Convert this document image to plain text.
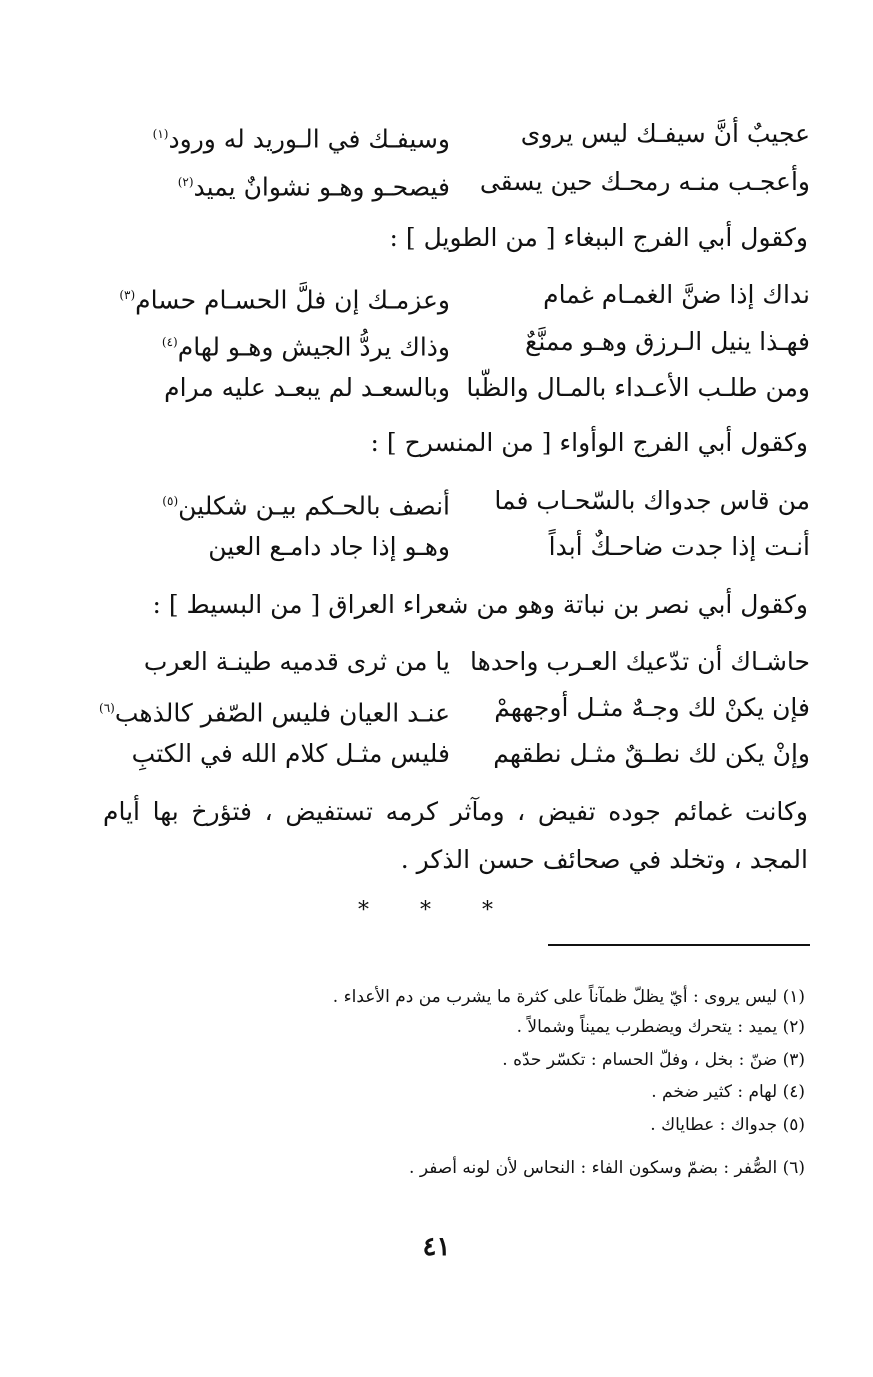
عجيبٌ أنَّ سيفـك ليس يروى
وسيفـك في الـوريد له ورود$^{(١)}$
وأعجـب منـه رمحـك حين يسقى
فيصحـو وهـو نشوانٌ يميد$^{(٢)}$
وكقول أبي الفرج الببغاء [ من الطويل ] :
نداك إذا ضنَّ الغمـام غمام
وعزمـك إن فلَّ الحسـام حسام$^{(٣)}$
فهـذا ينيل الـرزق وهـو ممنَّعٌ
وذاك يردُّ الجيش وهـو لهام$^{(٤)}$
ومن طلـب الأعـداء بالمـال والظّبا
وبالسعـد لم يبعـد عليه مرام
وكقول أبي الفرج الوأواء [ من المنسرح ] :
من قاس جدواك بالسّحـاب فما
أنصف بالحـكم بيـن شكلين$^{(٥)}$
أنـت إذا جدت ضاحـكٌ أبداً
وهـو إذا جاد دامـع العين
وكقول أبي نصر بن نباتة وهو من شعراء العراق [ من البسيط ] :
حاشـاك أن تدّعيك العـرب واحدها
يا من ثرى قدميه طينـة العرب
فإن يكنْ لك وجـهٌ مثـل أوجههمْ
عنـد العيان فليس الصّفر كالذهب$^{(٦)}$
وإنْ يكن لك نطـقٌ مثـل نطقهم
فليس مثـل كلام الله في الكتبِ
وكانت غمائم جوده تفيض ، ومآثر كرمه تستفيض ، فتؤرخ بها أيام المجد ، وتخلد في صحائف حسن الذكر .
* * *
(١) ليس يروى : أيّ يظلّ ظمآناً على كثرة ما يشرب من دم الأعداء .
(٢) يميد : يتحرك ويضطرب يميناً وشمالاً .
(٣) ضنّ : بخل ، وفلّ الحسام : تكسّر حدّه .
(٤) لهام : كثير ضخم .
(٥) جدواك : عطاياك .
(٦) الصُّفر : بضمّ وسكون الفاء : النحاس لأن لونه أصفر .
٤١
